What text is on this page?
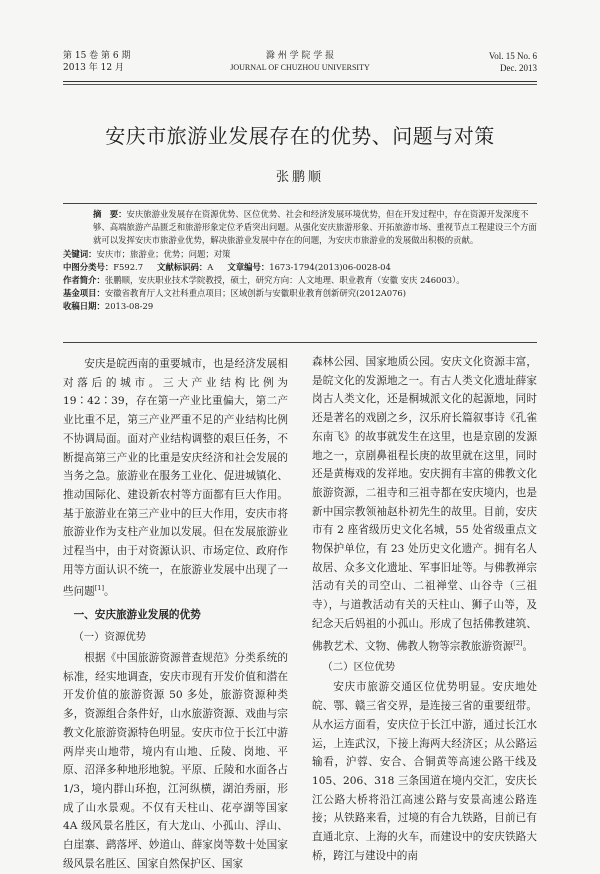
第 15 卷 第 6 期
2013 年 12 月
滁 州 学 院 学 报
JOURNAL OF CHUZHOU UNIVERSITY
Vol. 15 No. 6
Dec. 2013
安庆市旅游业发展存在的优势、问题与对策
张鹏顺

摘　要：安庆旅游业发展存在资源优势、区位优势、社会和经济发展环境优势，但在开发过程中，存在资源开发深度不够、高端旅游产品匮乏和旅游形象定位矛盾突出问题。从强化安庆旅游形象、开拓旅游市场、重视节点工程建设三个方面就可以发挥安庆市旅游业优势，解决旅游业发展中存在的问题，为安庆市旅游业的发展做出积极的贡献。

关键词：安庆市；旅游业；优势；问题；对策

中图分类号：F592.7 文献标识码：A 文章编号：1673-1794(2013)06-0028-04

作者简介：张鹏顺，安庆职业技术学院教授，硕士，研究方向：人文地理、职业教育（安徽 安庆 246003）。

基金项目：安徽省教育厅人文社科重点项目；区域创新与安徽职业教育创新研究(2012A076)

收稿日期：2013-08-29

安庆是皖西南的重要城市，也是经济发展相对落后的城市。三大产业结构比例为 19∶42∶39，存在第一产业比重偏大，第二产业比重不足，第三产业严重不足的产业结构比例不协调局面。面对产业结构调整的艰巨任务，不断提高第三产业的比重是安庆经济和社会发展的当务之急。旅游业在服务工业化、促进城镇化、推动国际化、建设新农村等方面都有巨大作用。基于旅游业在第三产业中的巨大作用，安庆市将旅游业作为支柱产业加以发展。但在发展旅游业过程当中，由于对资源认识、市场定位、政府作用等方面认识不统一，在旅游业发展中出现了一些问题[1]。

一、安庆旅游业发展的优势
（一）资源优势

根据《中国旅游资源普查规范》分类系统的标准，经实地调查，安庆市现有开发价值和潜在开发价值的旅游资源 50 多处，旅游资源种类多，资源组合条件好，山水旅游资源、戏曲与宗教文化旅游资源特色明显。安庆市位于长江中游两岸夹山地带，境内有山地、丘陵、岗地、平原、沼泽多种地形地貌。平原、丘陵和水面各占 1/3，境内群山环抱，江河纵横，湖泊秀丽，形成了山水景观。不仅有天柱山、花亭湖等国家 4A 级风景名胜区，有大龙山、小孤山、浮山、白崖寨、鹞落坪、妙道山、薛家岗等数十处国家级风景名胜区、国家自然保护区、国家

森林公园、国家地质公园。安庆文化资源丰富，是皖文化的发源地之一。有古人类文化遗址薛家岗古人类文化，还是桐城派文化的起源地，同时还是著名的戏剧之乡，汉乐府长篇叙事诗《孔雀东南飞》的故事就发生在这里，也是京剧的发源地之一，京剧鼻祖程长庚的故里就在这里，同时还是黄梅戏的发祥地。安庆拥有丰富的佛教文化旅游资源，二祖寺和三祖寺都在安庆境内，也是新中国宗教领袖赵朴初先生的故里。目前，安庆市有 2 座省级历史文化名城，55 处省级重点文物保护单位，有 23 处历史文化遗产。拥有名人故居、众多文化遗址、军事旧址等。与佛教禅宗活动有关的司空山、二祖禅堂、山谷寺（三祖寺），与道教活动有关的天柱山、狮子山等，及纪念天后妈祖的小孤山。形成了包括佛教建筑、佛教艺术、文物、佛教人物等宗教旅游资源[2]。

（二）区位优势

安庆市旅游交通区位优势明显。安庆地处皖、鄂、赣三省交界，是连接三省的重要纽带。从水运方面看，安庆位于长江中游，通过长江水运，上连武汉，下接上海两大经济区；从公路运输看，沪蓉、安合、合铜黄等高速公路干线及 105、206、318 三条国道在境内交汇，安庆长江公路大桥将沿江高速公路与安景高速公路连接；从铁路来看，过境的有合九铁路，目前已有直通北京、上海的火车，而建设中的安庆铁路大桥，跨江与建设中的南
